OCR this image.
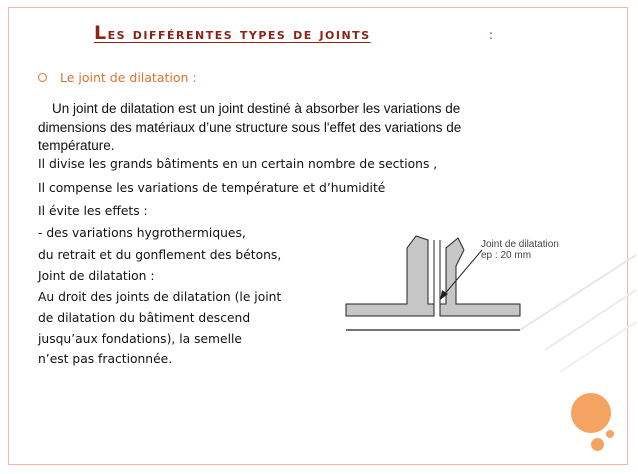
Les différentes types de joints	:
Le joint de dilatation :
Un joint de dilatation est un joint destiné à absorber les variations de
dimensions des matériaux d’une structure sous l'effet des variations de
température.
Il divise les grands bâtiments en un certain nombre de sections ,
Il compense les variations de température et d’humidité
Il évite les effets :
- des variations hygrothermiques,
du retrait et du gonflement des bétons,
Joint de dilatation :
Au droit des joints de dilatation (le joint
de dilatation du bâtiment descend
jusqu’aux fondations), la semelle
n’est pas fractionnée.
Joint de dilatation
ep : 20 mm
